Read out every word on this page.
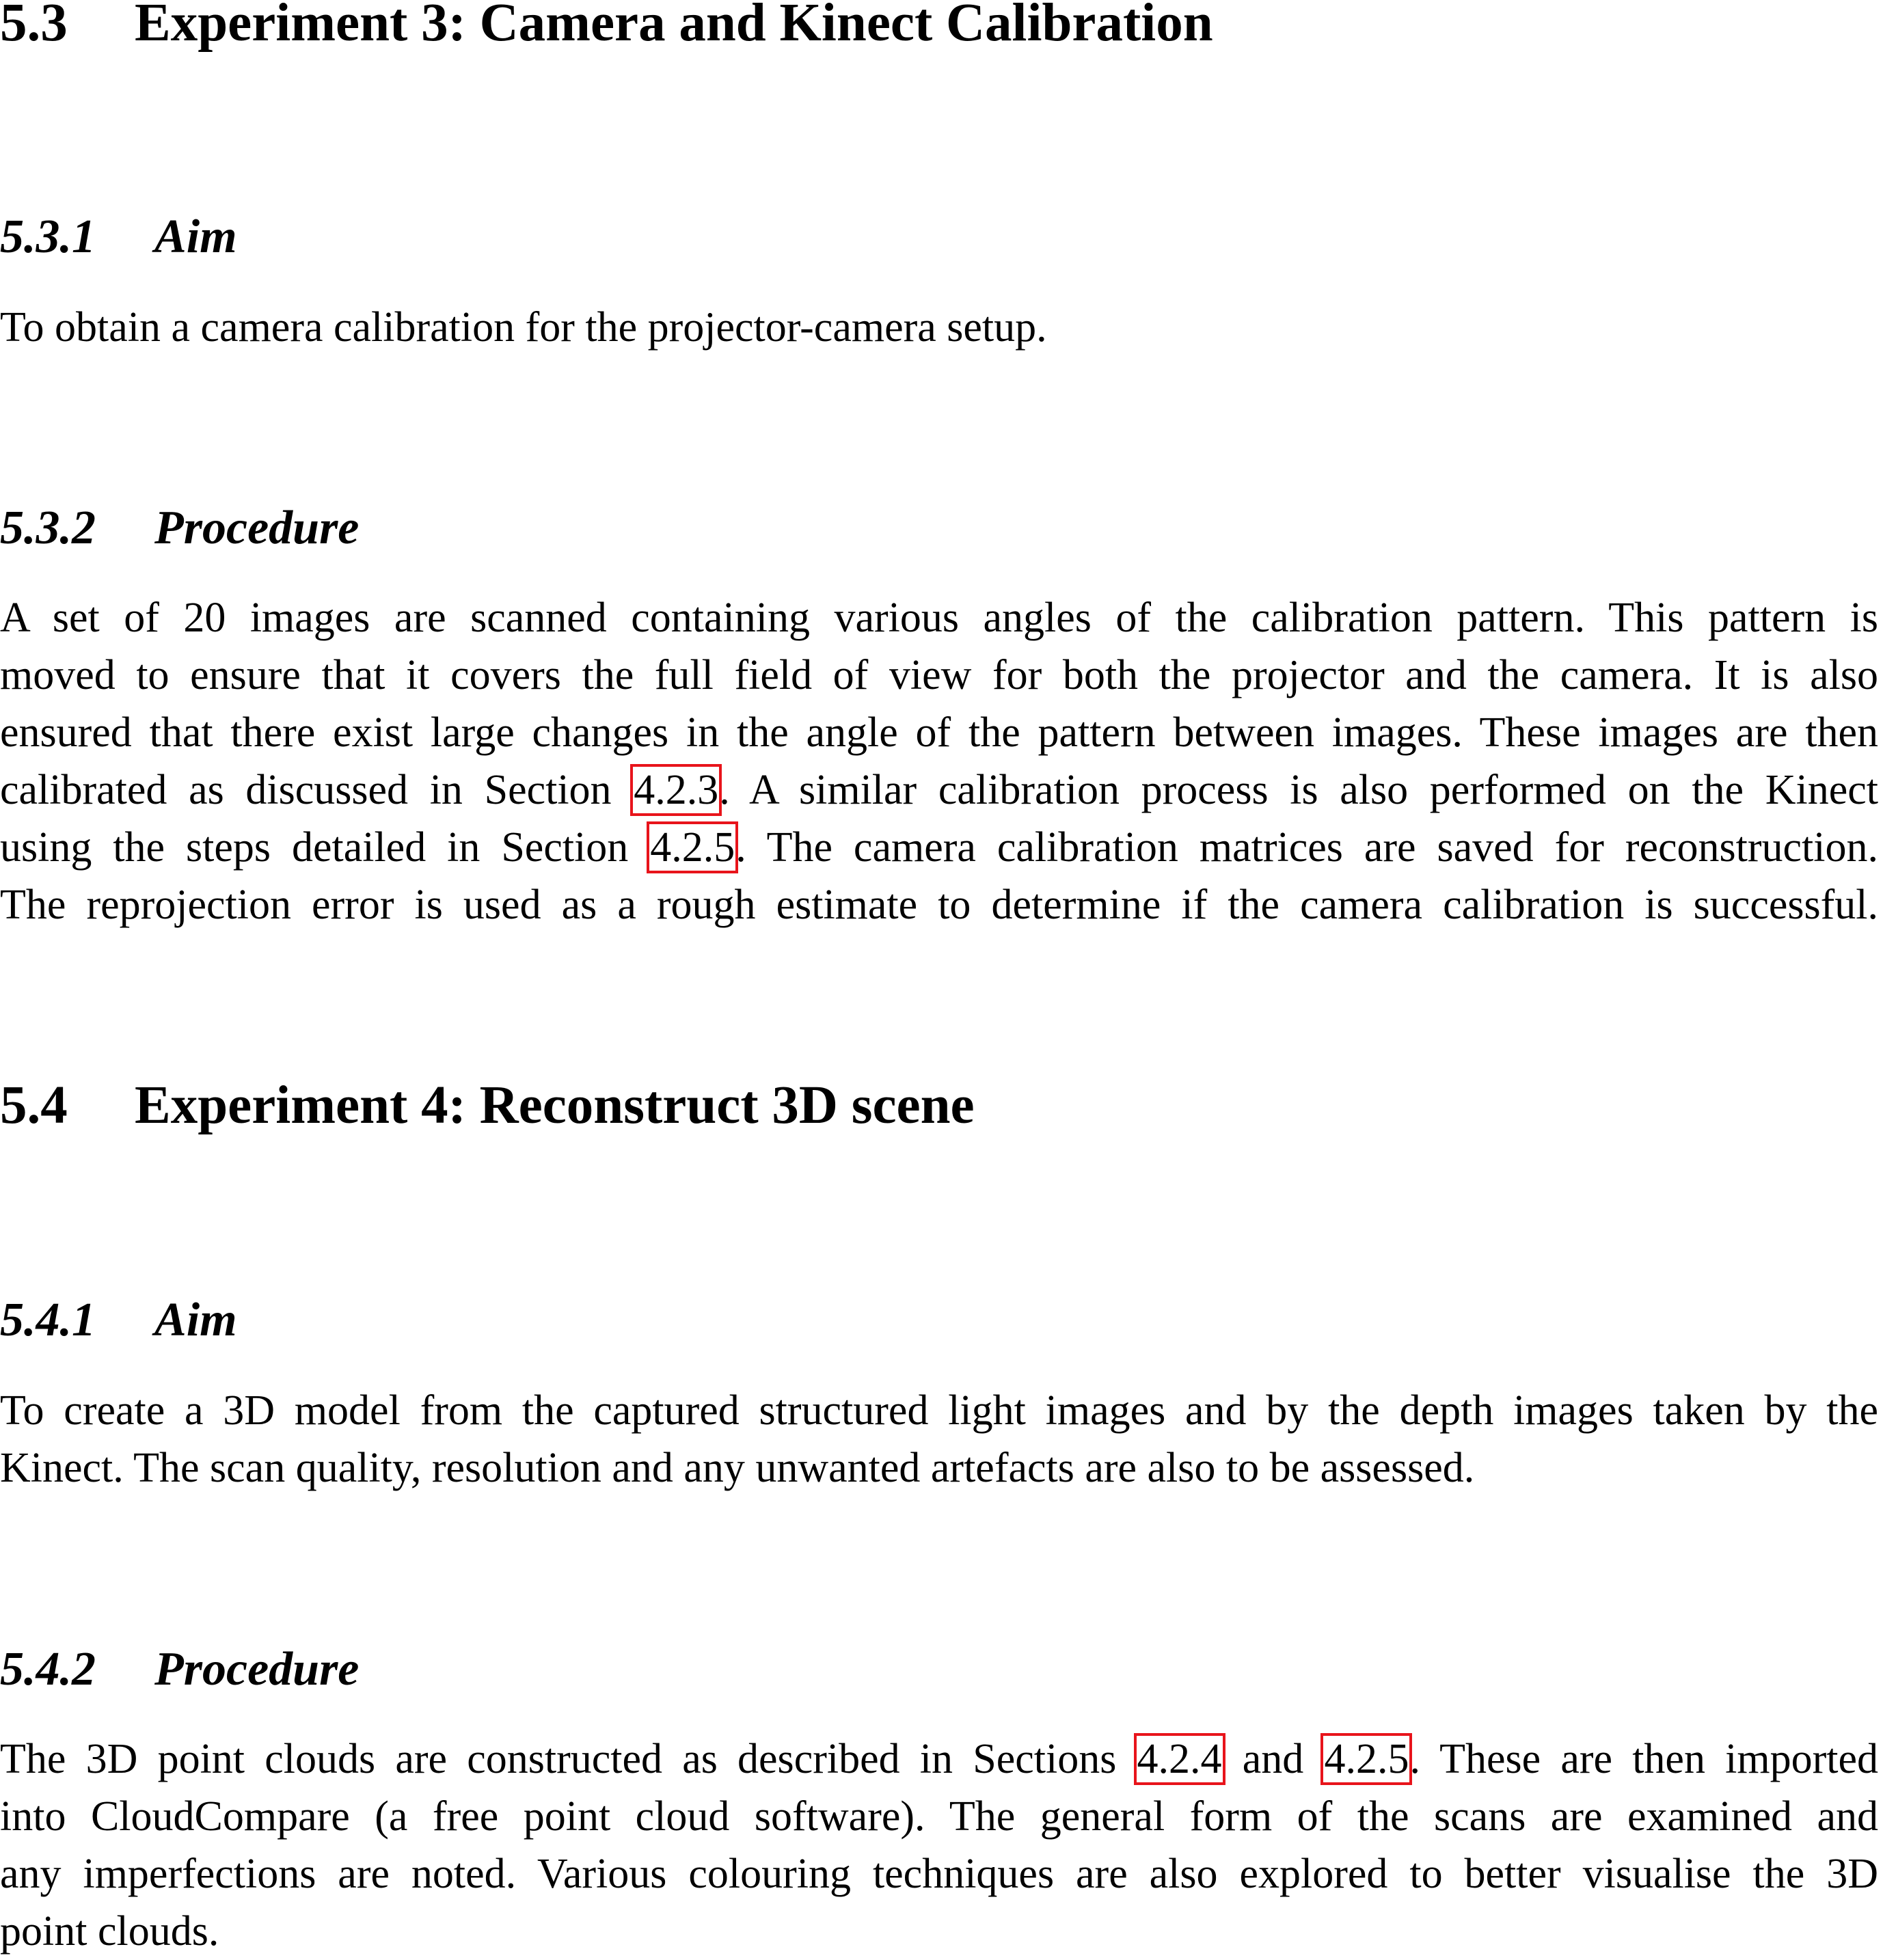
5.3 Experiment 3: Camera and Kinect Calibration
5.3.1 Aim

To obtain a camera calibration for the projector-camera setup.

5.3.2 Procedure

A set of 20 images are scanned containing various angles of the calibration pattern. This pattern is
moved to ensure that it covers the full field of view for both the projector and the camera. It is also
ensured that there exist large changes in the angle of the pattern between images. These images are then
calibrated as discussed in Section 4.2.3. A similar calibration process is also performed on the Kinect
using the steps detailed in Section 4.2.5. The camera calibration matrices are saved for reconstruction.
The reprojection error is used as a rough estimate to determine if the camera calibration is successful.

5.4 Experiment 4: Reconstruct 3D scene
5.4.1 Aim

To create a 3D model from the captured structured light images and by the depth images taken by the
Kinect. The scan quality, resolution and any unwanted artefacts are also to be assessed.

5.4.2 Procedure

The 3D point clouds are constructed as described in Sections 4.2.4 and 4.2.5. These are then imported
into CloudCompare (a free point cloud software). The general form of the scans are examined and
any imperfections are noted. Various colouring techniques are also explored to better visualise the 3D
point clouds.
